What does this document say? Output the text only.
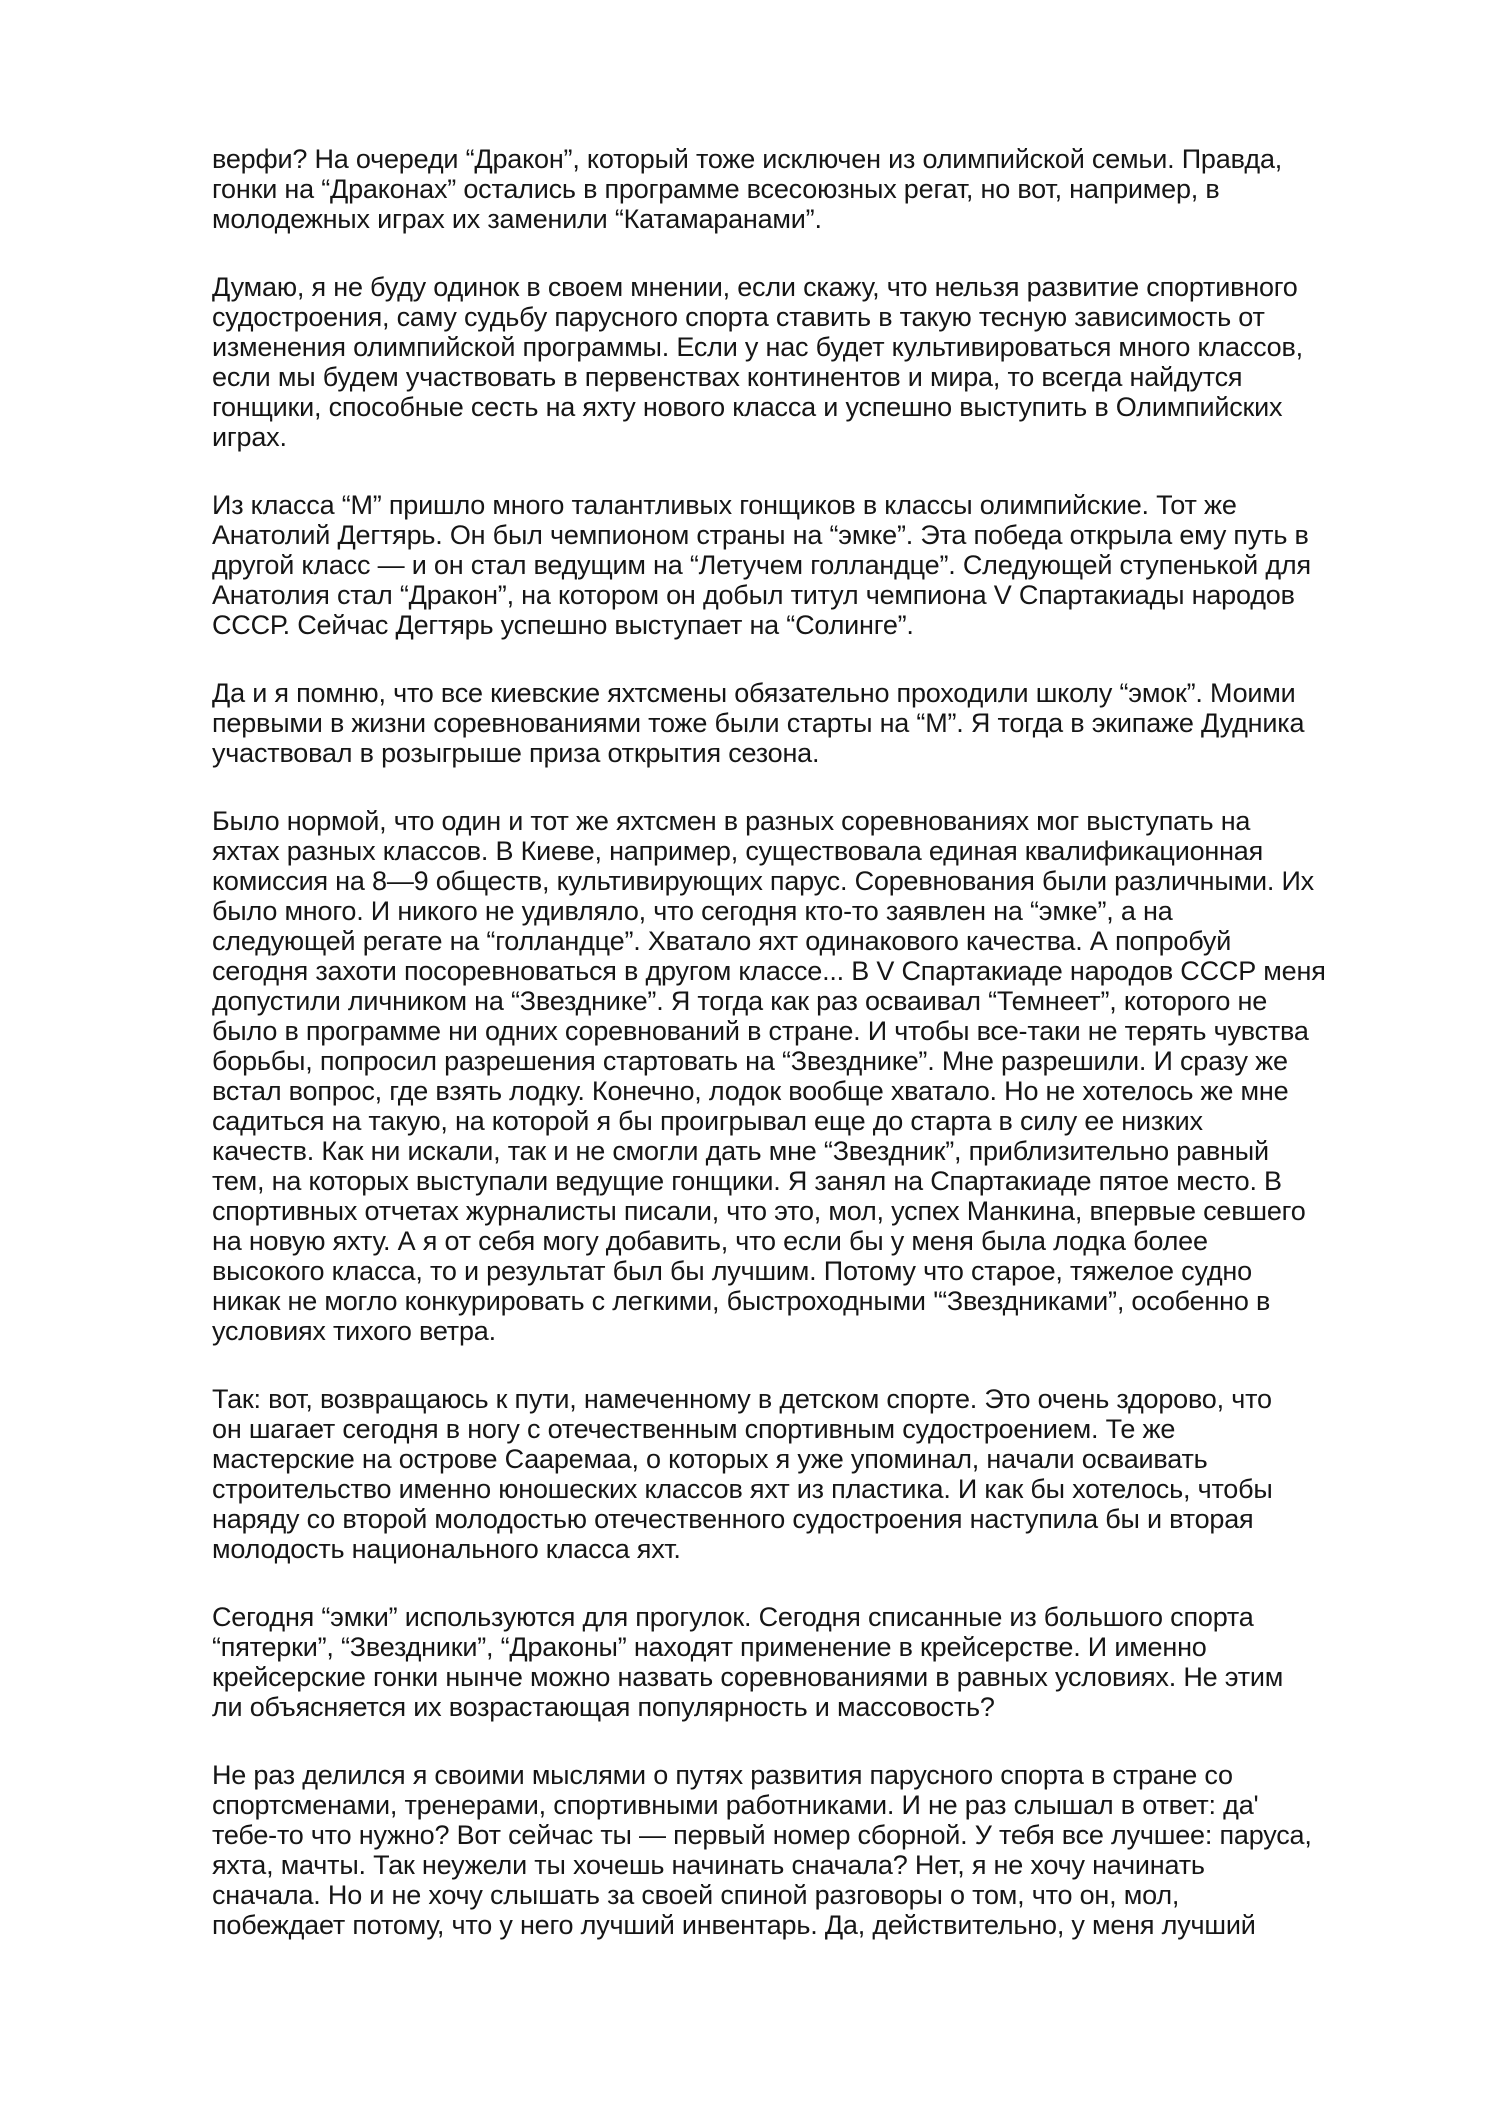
верфи? На очереди “Дракон”, который тоже исключен из олимпийской семьи. Правда,
гонки на “Драконах” остались в программе всесоюзных регат, но вот, например, в
молодежных играх их заменили “Катамаранами”.

Думаю, я не буду одинок в своем мнении, если скажу, что нельзя развитие спортивного
судостроения, саму судьбу парусного спорта ставить в такую тесную зависимость от
изменения олимпийской программы. Если у нас будет культивироваться много классов,
если мы будем участвовать в первенствах континентов и мира, то всегда найдутся
гонщики, способные сесть на яхту нового класса и успешно выступить в Олимпийских
играх.

Из класса “М” пришло много талантливых гонщиков в классы олимпийские. Тот же
Анатолий Дегтярь. Он был чемпионом страны на “эмке”. Эта победа открыла ему путь в
другой класс — и он стал ведущим на “Летучем голландце”. Следующей ступенькой для
Анатолия стал “Дракон”, на котором он добыл титул чемпиона V Спартакиады народов
СССР. Сейчас Дегтярь успешно выступает на “Солинге”.

Да и я помню, что все киевские яхтсмены обязательно проходили школу “эмок”. Моими
первыми в жизни соревнованиями тоже были старты на “М”. Я тогда в экипаже Дудника
участвовал в розыгрыше приза открытия сезона.

Было нормой, что один и тот же яхтсмен в разных соревнованиях мог выступать на
яхтах разных классов. В Киеве, например, существовала единая квалификационная
комиссия на 8—9 обществ, культивирующих парус. Соревнования были различными. Их
было много. И никого не удивляло, что сегодня кто-то заявлен на “эмке”, а на
следующей регате на “голландце”. Хватало яхт одинакового качества. А попробуй
сегодня захоти посоревноваться в другом классе... В V Спартакиаде народов СССР меня
допустили личником на “Звезднике”. Я тогда как раз осваивал “Темнеет”, которого не
было в программе ни одних соревнований в стране. И чтобы все-таки не терять чувства
борьбы, попросил разрешения стартовать на “Звезднике”. Мне разрешили. И сразу же
встал вопрос, где взять лодку. Конечно, лодок вообще хватало. Но не хотелось же мне
садиться на такую, на которой я бы проигрывал еще до старта в силу ее низких
качеств. Как ни искали, так и не смогли дать мне “Звездник”, приблизительно равный
тем, на которых выступали ведущие гонщики. Я занял на Спартакиаде пятое место. В
спортивных отчетах журналисты писали, что это, мол, успех Манкина, впервые севшего
на новую яхту. А я от себя могу добавить, что если бы у меня была лодка более
высокого класса, то и результат был бы лучшим. Потому что старое, тяжелое судно
никак не могло конкурировать с легкими, быстроходными '“Звездниками”, особенно в
условиях тихого ветра.

Так: вот, возвращаюсь к пути, намеченному в детском спорте. Это очень здорово, что
он шагает сегодня в ногу с отечественным спортивным судостроением. Те же
мастерские на острове Сааремаа, о которых я уже упоминал, начали осваивать
строительство именно юношеских классов яхт из пластика. И как бы хотелось, чтобы
наряду со второй молодостью отечественного судостроения наступила бы и вторая
молодость национального класса яхт.

Сегодня “эмки” используются для прогулок. Сегодня списанные из большого спорта
“пятерки”, “Звездники”, “Драконы” находят применение в крейсерстве. И именно
крейсерские гонки нынче можно назвать соревнованиями в равных условиях. Не этим
ли объясняется их возрастающая популярность и массовость?

Не раз делился я своими мыслями о путях развития парусного спорта в стране со
спортсменами, тренерами, спортивными работниками. И не раз слышал в ответ: да'
тебе-то что нужно? Вот сейчас ты — первый номер сборной. У тебя все лучшее: паруса,
яхта, мачты. Так неужели ты хочешь начинать сначала? Нет, я не хочу начинать
сначала. Но и не хочу слышать за своей спиной разговоры о том, что он, мол,
побеждает потому, что у него лучший инвентарь. Да, действительно, у меня лучший
